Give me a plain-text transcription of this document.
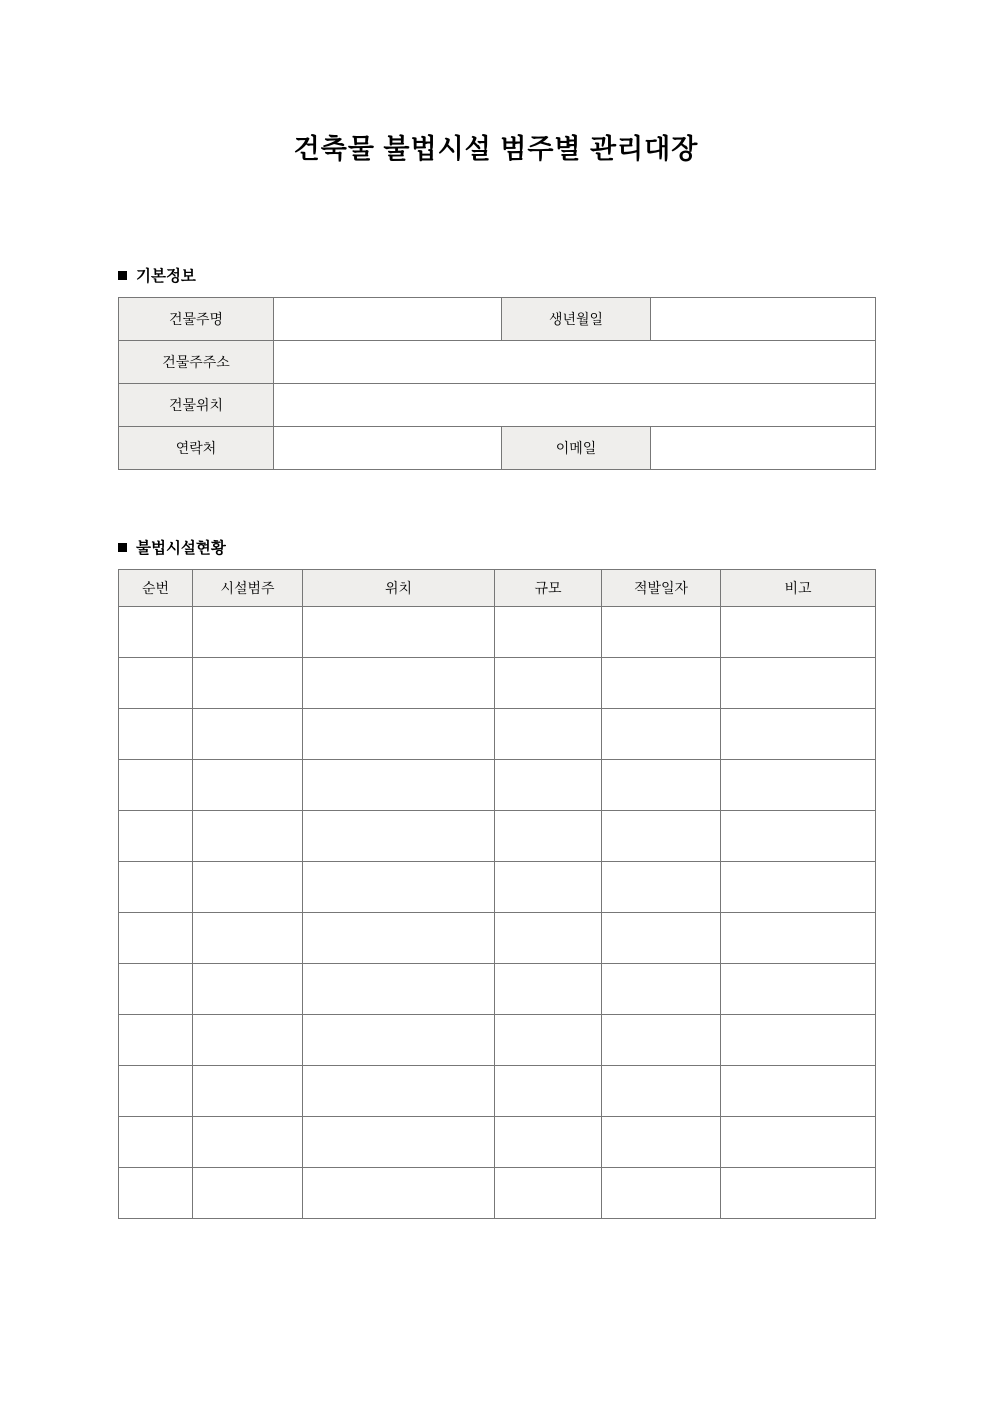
건축물 불법시설 범주별 관리대장
기본정보
건물주명		생년월일	
건물주주소			
건물위치			
연락처		이메일	
불법시설현황
순번	시설범주	위치	규모	적발일자	비고
